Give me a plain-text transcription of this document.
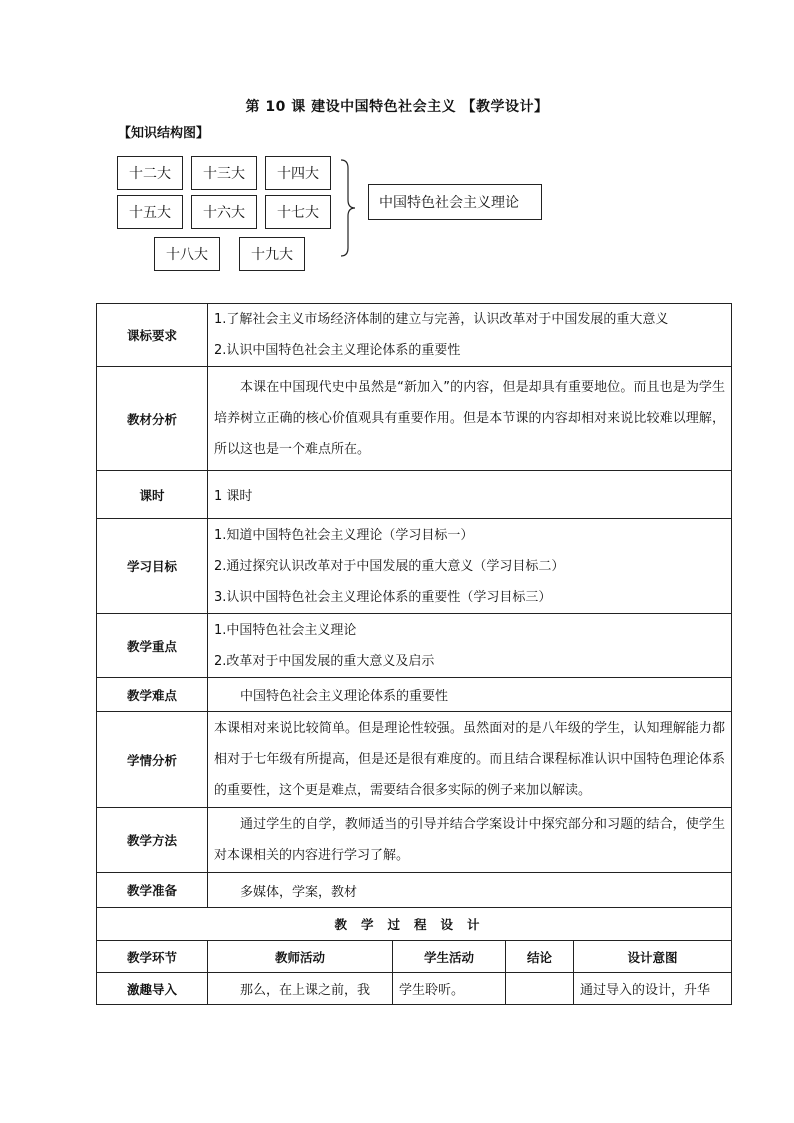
第 10 课 建设中国特色社会主义 【教学设计】
【知识结构图】
十二大	十三大	十四大
十五大	十六大	十七大
十八大	十九大
中国特色社会主义理论
课标要求	1.了解社会主义市场经济体制的建立与完善，认识改革对于中国发展的重大意义
2.认识中国特色社会主义理论体系的重要性			

教材分析	本课在中国现代史中虽然是“新加入”的内容，但是却具有重要地位。而且也是为学生培养树立正确的核心价值观具有重要作用。但是本节课的内容却相对来说比较难以理解，所以这也是一个难点所在。			
课时	1 课时			
学习目标	1.知道中国特色社会主义理论（学习目标一）
2.通过探究认识改革对于中国发展的重大意义（学习目标二）
3.认识中国特色社会主义理论体系的重要性（学习目标三）			

教学重点	1.中国特色社会主义理论
2.改革对于中国发展的重大意义及启示			

教学难点	中国特色社会主义理论体系的重要性			
学情分析	本课相对来说比较简单。但是理论性较强。虽然面对的是八年级的学生，认知理解能力都相对于七年级有所提高，但是还是很有难度的。而且结合课程标准认识中国特色理论体系的重要性，这个更是难点，需要结合很多实际的例子来加以解读。			
教学方法	通过学生的自学，教师适当的引导并结合学案设计中探究部分和习题的结合，使学生对本课相关的内容进行学习了解。			
教学准备	多媒体，学案，教材			
教学过程设计				
教学环节	教师活动	学生活动	结论	设计意图
激趣导入	那么，在上课之前，我	学生聆听。		通过导入的设计，升华
